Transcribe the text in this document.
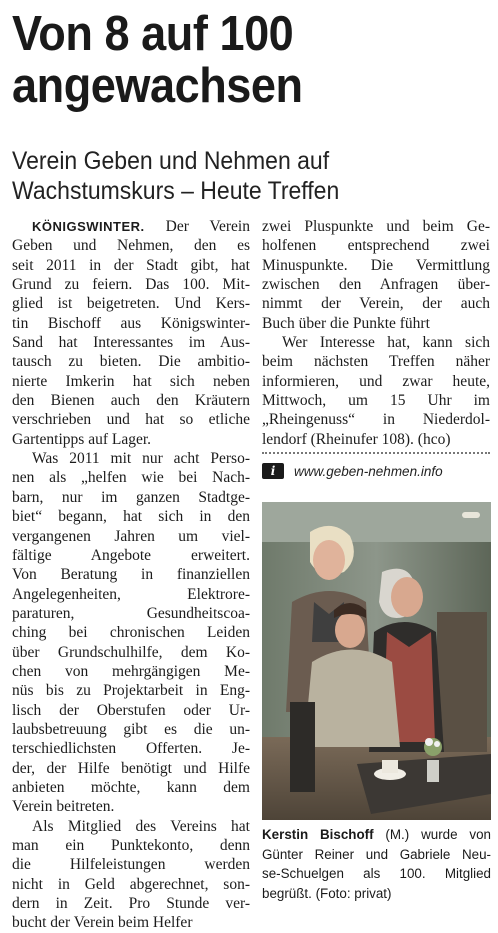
Von 8 auf 100
angewachsen
Verein Geben und Nehmen auf
Wachstumskurs – Heute Treffen
KÖNIGSWINTER. Der Verein
Geben und Nehmen, den es
seit 2011 in der Stadt gibt, hat
Grund zu feiern. Das 100. Mit-
glied ist beigetreten. Und Kers-
tin Bischoff aus Königswinter-
Sand hat Interessantes im Aus-
tausch zu bieten. Die ambitio-
nierte Imkerin hat sich neben
den Bienen auch den Kräutern
verschrieben und hat so etliche
Gartentipps auf Lager.
Was 2011 mit nur acht Perso-
nen als „helfen wie bei Nach-
barn, nur im ganzen Stadtge-
biet“ begann, hat sich in den
vergangenen Jahren um viel-
fältige Angebote erweitert.
Von Beratung in finanziellen
Angelegenheiten, Elektrore-
paraturen, Gesundheitscoa-
ching bei chronischen Leiden
über Grundschulhilfe, dem Ko-
chen von mehrgängigen Me-
nüs bis zu Projektarbeit in Eng-
lisch der Oberstufen oder Ur-
laubsbetreuung gibt es die un-
terschiedlichsten Offerten. Je-
der, der Hilfe benötigt und Hilfe
anbieten möchte, kann dem
Verein beitreten.
Als Mitglied des Vereins hat
man ein Punktekonto, denn
die Hilfeleistungen werden
nicht in Geld abgerechnet, son-
dern in Zeit. Pro Stunde ver-
bucht der Verein beim Helfer
zwei Pluspunkte und beim Ge-
holfenen entsprechend zwei
Minuspunkte. Die Vermittlung
zwischen den Anfragen über-
nimmt der Verein, der auch
Buch über die Punkte führt
Wer Interesse hat, kann sich
beim nächsten Treffen näher
informieren, und zwar heute,
Mittwoch, um 15 Uhr im
„Rheingenuss“ in Niederdol-
lendorf (Rheinufer 108). (hco)
i	www.geben-nehmen.info
Kerstin Bischoff (M.) wurde von
Günter Reiner und Gabriele Neu-
se-Schuelgen als 100. Mitglied
begrüßt. (Foto: privat)
